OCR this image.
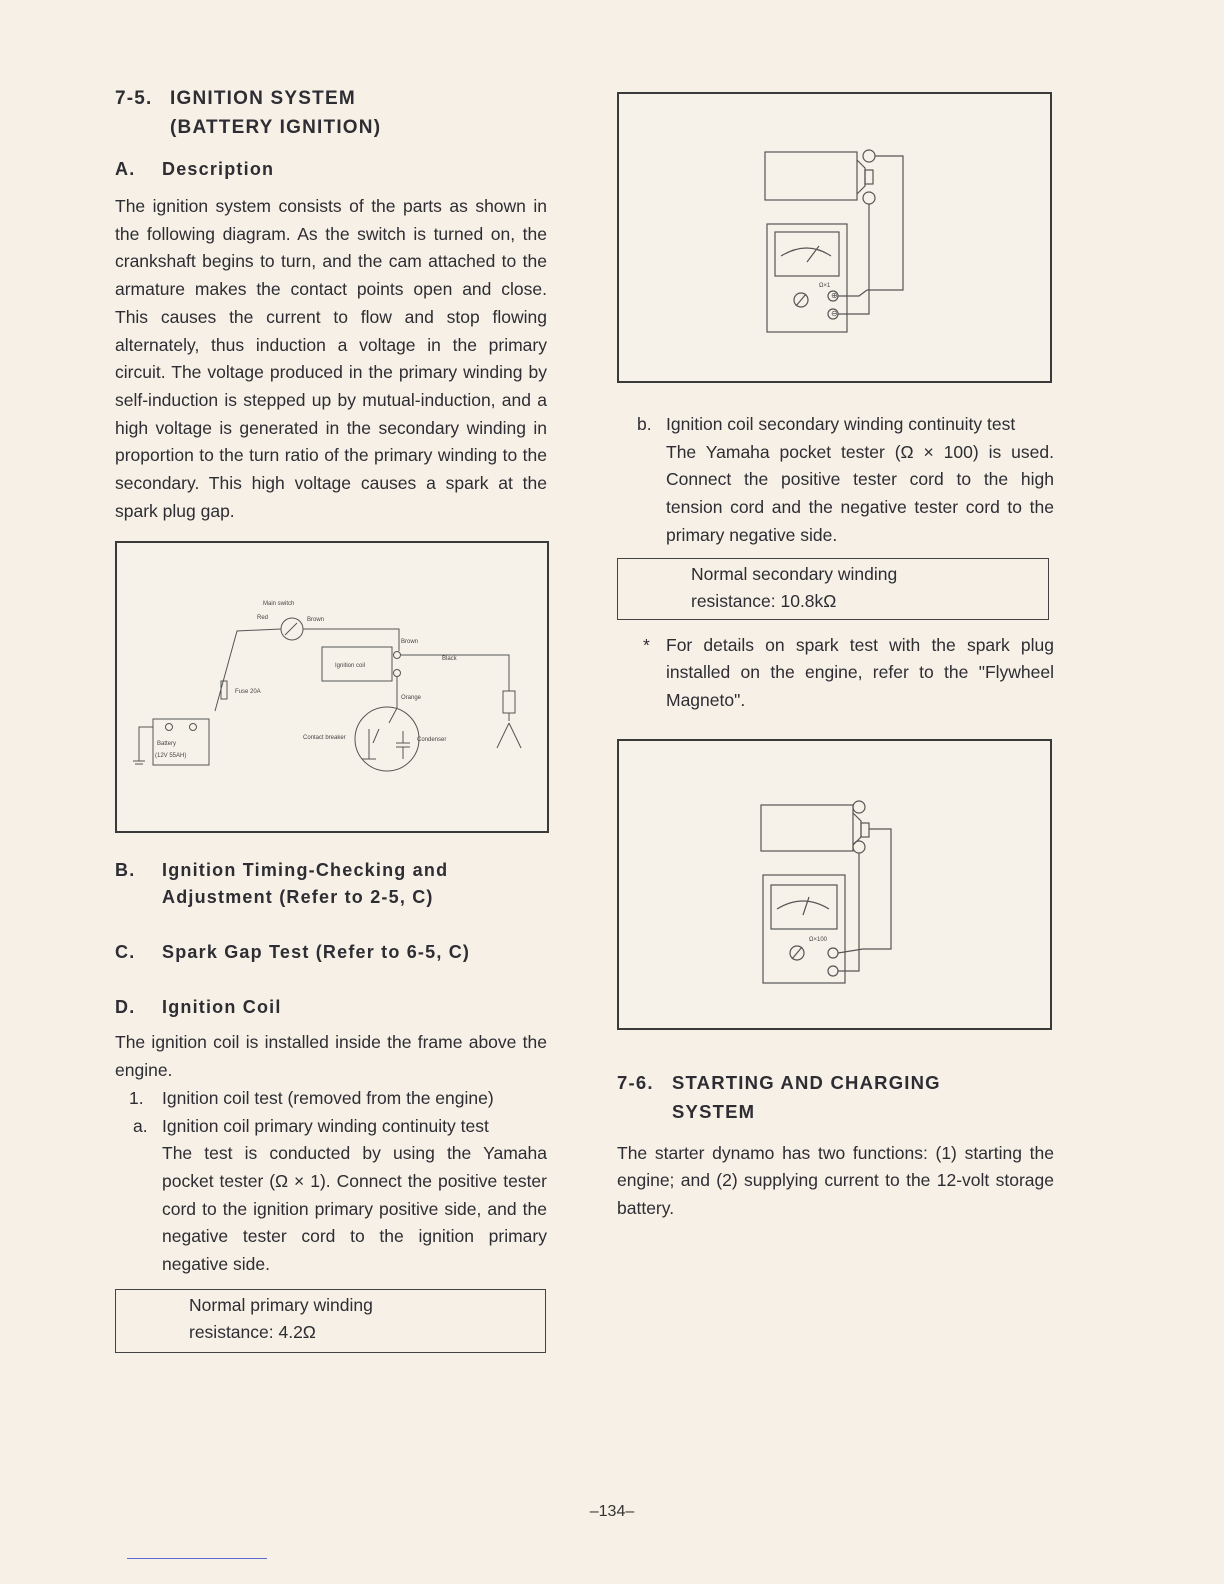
7-5. IGNITION SYSTEM
(BATTERY IGNITION)
A. Description

The ignition system consists of the parts as shown in the following diagram. As the switch is turned on, the crankshaft begins to turn, and the cam attached to the armature makes the contact points open and close. This causes the current to flow and stop flowing alternately, thus induction a voltage in the primary circuit. The voltage produced in the primary winding by self-induction is stepped up by mutual-induction, and a high voltage is generated in the secondary winding in proportion to the turn ratio of the primary winding to the secondary. This high voltage causes a spark at the spark plug gap.

Main switch
Red	Brown
Brown
Ignition coil
Black
Fuse 20A
Orange
Battery
(12V 55AH)
Contact breaker	Condenser
B. Ignition Timing-Checking and
Adjustment (Refer to 2-5, C)
C. Spark Gap Test (Refer to 6-5, C)
D. Ignition Coil

The ignition coil is installed inside the frame above the engine.

1.	Ignition coil test (removed from the engine)

a. Ignition coil primary winding continuity test

The test is conducted by using the Yamaha pocket tester (Ω × 1). Connect the positive tester cord to the ignition primary positive side, and the negative tester cord to the ignition primary negative side.

Normal primary winding
resistance: 4.2Ω
Ω×1
⊕
⊖
b. Ignition coil secondary winding continuity test

The Yamaha pocket tester (Ω × 100) is used. Connect the positive tester cord to the high tension cord and the negative tester cord to the primary negative side.

Normal secondary winding
resistance: 10.8kΩ
* For details on spark test with the spark plug installed on the engine, refer to the "Flywheel Magneto".

Ω×100
7-6. STARTING AND CHARGING
SYSTEM

The starter dynamo has two functions: (1) starting the engine; and (2) supplying current to the 12-volt storage battery.

–134–
